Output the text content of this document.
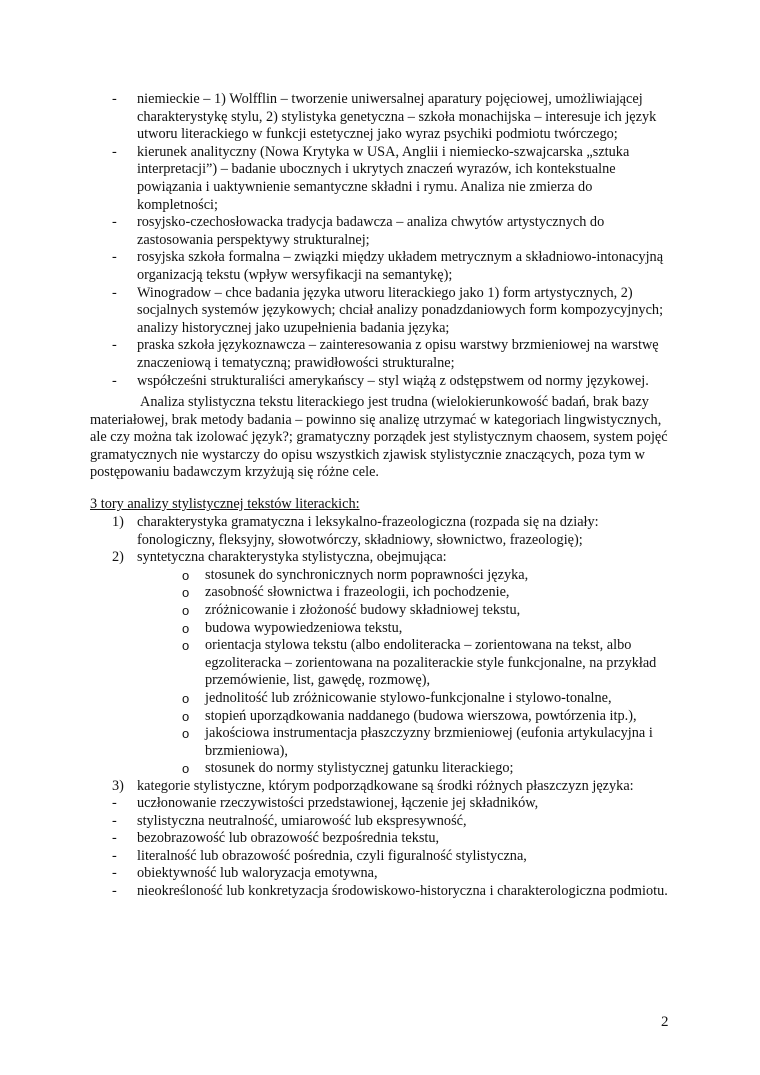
- niemieckie – 1) Wolfflin – tworzenie uniwersalnej aparatury pojęciowej, umożliwiającej charakterystykę stylu, 2) stylistyka genetyczna – szkoła monachijska – interesuje ich język utworu literackiego w funkcji estetycznej jako wyraz psychiki podmiotu twórczego;
- kierunek analityczny (Nowa Krytyka w USA, Anglii i niemiecko-szwajcarska „sztuka interpretacji”) – badanie ubocznych i ukrytych znaczeń wyrazów, ich kontekstualne powiązania i uaktywnienie semantyczne składni i rymu. Analiza nie zmierza do kompletności;
- rosyjsko-czechosłowacka tradycja badawcza – analiza chwytów artystycznych do zastosowania perspektywy strukturalnej;
- rosyjska szkoła formalna – związki między układem metrycznym a składniowo-intonacyjną organizacją tekstu (wpływ wersyfikacji na semantykę);
- Winogradow – chce badania języka utworu literackiego jako 1) form artystycznych, 2) socjalnych systemów językowych; chciał analizy ponadzdaniowych form kompozycyjnych; analizy historycznej jako uzupełnienia badania języka;
- praska szkoła językoznawcza – zainteresowania z opisu warstwy brzmieniowej na warstwę znaczeniową i tematyczną; prawidłowości strukturalne;
- współcześni strukturaliści amerykańscy – styl wiążą z odstępstwem od normy językowej.

Analiza stylistyczna tekstu literackiego jest trudna (wielokierunkowość badań, brak bazy materiałowej, brak metody badania – powinno się analizę utrzymać w kategoriach lingwistycznych, ale czy można tak izolować język?; gramatyczny porządek jest stylistycznym chaosem, system pojęć gramatycznych nie wystarczy do opisu wszystkich zjawisk stylistycznie znaczących, poza tym w postępowaniu badawczym krzyżują się różne cele.

3 tory analizy stylistycznej tekstów literackich:

1) charakterystyka gramatyczna i leksykalno-frazeologiczna (rozpada się na działy: fonologiczny, fleksyjny, słowotwórczy, składniowy, słownictwo, frazeologię);
2) syntetyczna charakterystyka stylistyczna, obejmująca:
o stosunek do synchronicznych norm poprawności języka,
o zasobność słownictwa i frazeologii, ich pochodzenie,
o zróżnicowanie i złożoność budowy składniowej tekstu,
o budowa wypowiedzeniowa tekstu,
o orientacja stylowa tekstu (albo endoliteracka – zorientowana na tekst, albo egzoliteracka – zorientowana na pozaliterackie style funkcjonalne, na przykład przemówienie, list, gawędę, rozmowę),
o jednolitość lub zróżnicowanie stylowo-funkcjonalne i stylowo-tonalne,
o stopień uporządkowania naddanego (budowa wierszowa, powtórzenia itp.),
o jakościowa instrumentacja płaszczyzny brzmieniowej (eufonia artykulacyjna i brzmieniowa),
o stosunek do normy stylistycznej gatunku literackiego;
3) kategorie stylistyczne, którym podporządkowane są środki różnych płaszczyzn języka:
- uczłonowanie rzeczywistości przedstawionej, łączenie jej składników,
- stylistyczna neutralność, umiarowość lub ekspresywność,
- bezobrazowość lub obrazowość bezpośrednia tekstu,
- literalność lub obrazowość pośrednia, czyli figuralność stylistyczna,
- obiektywność lub waloryzacja emotywna,
- nieokreśloność lub konkretyzacja środowiskowo-historyczna i charakterologiczna podmiotu.

2
